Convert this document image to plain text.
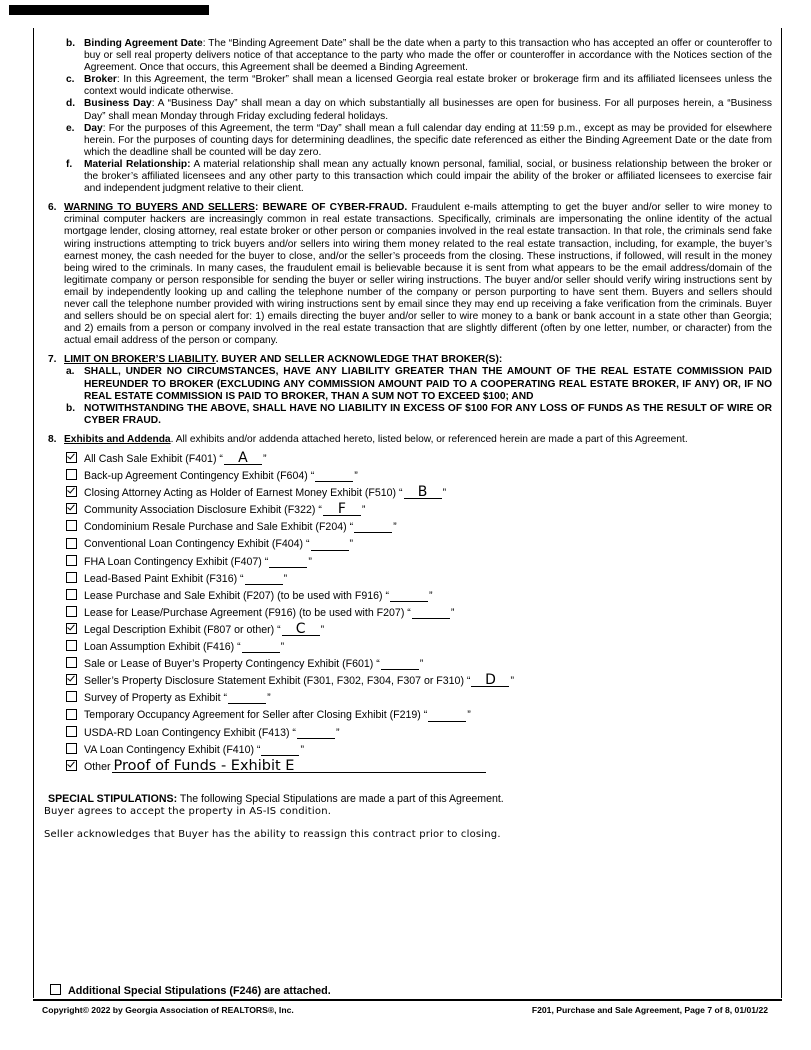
b. Binding Agreement Date: The “Binding Agreement Date” shall be the date when a party to this transaction who has accepted an offer or counteroffer to buy or sell real property delivers notice of that acceptance to the party who made the offer or counteroffer in accordance with the Notices section of the Agreement. Once that occurs, this Agreement shall be deemed a Binding Agreement.
c. Broker: In this Agreement, the term “Broker” shall mean a licensed Georgia real estate broker or brokerage firm and its affiliated licensees unless the context would indicate otherwise.
d. Business Day: A “Business Day” shall mean a day on which substantially all businesses are open for business. For all purposes herein, a “Business Day” shall mean Monday through Friday excluding federal holidays.
e. Day: For the purposes of this Agreement, the term “Day” shall mean a full calendar day ending at 11:59 p.m., except as may be provided for elsewhere herein. For the purposes of counting days for determining deadlines, the specific date referenced as either the Binding Agreement Date or the date from which the deadline shall be counted will be day zero.
f.	Material Relationship: A material relationship shall mean any actually known personal, familial, social, or business relationship between the broker or the broker’s affiliated licensees and any other party to this transaction which could impair the ability of the broker or affiliated licensees to exercise fair and independent judgment relative to their client.
6. WARNING TO BUYERS AND SELLERS: BEWARE OF CYBER-FRAUD. Fraudulent e-mails attempting to get the buyer and/or seller to wire money to criminal computer hackers are increasingly common in real estate transactions. Specifically, criminals are impersonating the online identity of the actual mortgage lender, closing attorney, real estate broker or other person or companies involved in the real estate transaction. In that role, the criminals send fake wiring instructions attempting to trick buyers and/or sellers into wiring them money related to the real estate transaction, including, for example, the buyer’s earnest money, the cash needed for the buyer to close, and/or the seller’s proceeds from the closing. These instructions, if followed, will result in the money being wired to the criminals. In many cases, the fraudulent email is believable because it is sent from what appears to be the email address/domain of the legitimate company or person responsible for sending the buyer or seller wiring instructions. The buyer and/or seller should verify wiring instructions sent by email by independently looking up and calling the telephone number of the company or person purporting to have sent them. Buyers and sellers should never call the telephone number provided with wiring instructions sent by email since they may end up receiving a fake verification from the criminals. Buyer and sellers should be on special alert for: 1) emails directing the buyer and/or seller to wire money to a bank or bank account in a state other than Georgia; and 2) emails from a person or company involved in the real estate transaction that are slightly different (often by one letter, number, or character) from the actual email address of the person or company.
7. LIMIT ON BROKER’S LIABILITY. BUYER AND SELLER ACKNOWLEDGE THAT BROKER(S):
a. SHALL, UNDER NO CIRCUMSTANCES, HAVE ANY LIABILITY GREATER THAN THE AMOUNT OF THE REAL ESTATE COMMISSION PAID HEREUNDER TO BROKER (EXCLUDING ANY COMMISSION AMOUNT PAID TO A COOPERATING REAL ESTATE BROKER, IF ANY) OR, IF NO REAL ESTATE COMMISSION IS PAID TO BROKER, THAN A SUM NOT TO EXCEED $100; AND
b. NOTWITHSTANDING THE ABOVE, SHALL HAVE NO LIABILITY IN EXCESS OF $100 FOR ANY LOSS OF FUNDS AS THE RESULT OF WIRE OR CYBER FRAUD.
8. Exhibits and Addenda. All exhibits and/or addenda attached hereto, listed below, or referenced herein are made a part of this Agreement.
All Cash Sale Exhibit (F401) “	A	”
Back-up Agreement Contingency Exhibit (F604) “	”
Closing Attorney Acting as Holder of Earnest Money Exhibit (F510) “	B	”
Community Association Disclosure Exhibit (F322) “	F	”
Condominium Resale Purchase and Sale Exhibit (F204) “	”
Conventional Loan Contingency Exhibit (F404) “	”
FHA Loan Contingency Exhibit (F407) “	”
Lead-Based Paint Exhibit (F316) “	”
Lease Purchase and Sale Exhibit (F207) (to be used with F916) “	”
Lease for Lease/Purchase Agreement (F916) (to be used with F207) “	”
Legal Description Exhibit (F807 or other) “	C	”
Loan Assumption Exhibit (F416) “	”
Sale or Lease of Buyer’s Property Contingency Exhibit (F601) “	”
Seller’s Property Disclosure Statement Exhibit (F301, F302, F304, F307 or F310) “	D	”
Survey of Property as Exhibit “	”
Temporary Occupancy Agreement for Seller after Closing Exhibit (F219) “	”
USDA-RD Loan Contingency Exhibit (F413) “	”
VA Loan Contingency Exhibit (F410) “	”
Other Proof of Funds - Exhibit E
SPECIAL STIPULATIONS: The following Special Stipulations are made a part of this Agreement.
Buyer agrees to accept the property in AS-IS condition.
Seller acknowledges that Buyer has the ability to reassign this contract prior to closing.
Additional Special Stipulations (F246) are attached.
Copyright© 2022 by Georgia Association of REALTORS®, Inc.	F201, Purchase and Sale Agreement, Page 7 of 8, 01/01/22
